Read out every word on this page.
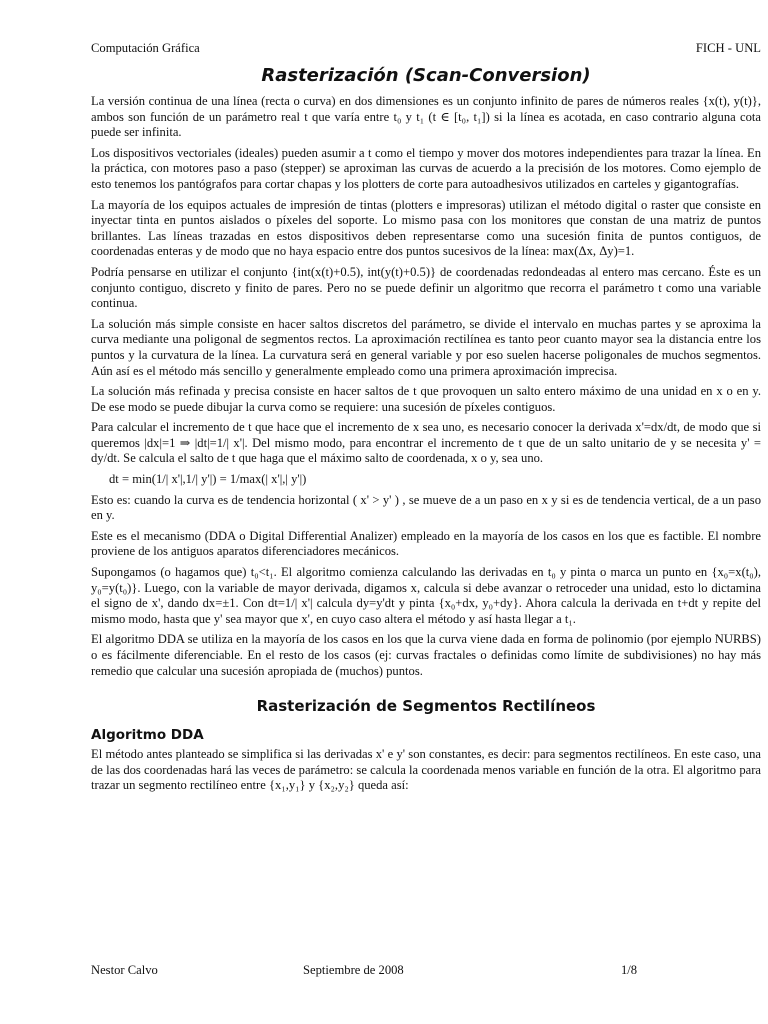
Computación Gráfica	FICH - UNL
Rasterización (Scan-Conversion)

La versión continua de una línea (recta o curva) en dos dimensiones es un conjunto infinito de pares de números reales {x(t), y(t)}, ambos son función de un parámetro real t que varía entre t₀ y t₁ (t ∈ [t₀, t₁]) si la línea es acotada, en caso contrario alguna cota puede ser infinita.

Los dispositivos vectoriales (ideales) pueden asumir a t como el tiempo y mover dos motores independientes para trazar la línea. En la práctica, con motores paso a paso (stepper) se aproximan las curvas de acuerdo a la precisión de los motores. Como ejemplo de esto tenemos los pantógrafos para cortar chapas y los plotters de corte para autoadhesivos utilizados en carteles y gigantografías.

La mayoría de los equipos actuales de impresión de tintas (plotters e impresoras) utilizan el método digital o raster que consiste en inyectar tinta en puntos aislados o píxeles del soporte. Lo mismo pasa con los monitores que constan de una matriz de puntos brillantes. Las líneas trazadas en estos dispositivos deben representarse como una sucesión finita de puntos contiguos, de coordenadas enteras y de modo que no haya espacio entre dos puntos sucesivos de la línea: max(Δx, Δy)=1.

Podría pensarse en utilizar el conjunto {int(x(t)+0.5), int(y(t)+0.5)} de coordenadas redondeadas al entero mas cercano. Éste es un conjunto contiguo, discreto y finito de pares. Pero no se puede definir un algoritmo que recorra el parámetro t como una variable continua.

La solución más simple consiste en hacer saltos discretos del parámetro, se divide el intervalo en muchas partes y se aproxima la curva mediante una poligonal de segmentos rectos. La aproximación rectilínea es tanto peor cuanto mayor sea la distancia entre los puntos y la curvatura de la línea. La curvatura será en general variable y por eso suelen hacerse poligonales de muchos segmentos. Aún así es el método más sencillo y generalmente empleado como una primera aproximación imprecisa.

La solución más refinada y precisa consiste en hacer saltos de t que provoquen un salto entero máximo de una unidad en x o en y. De ese modo se puede dibujar la curva como se requiere: una sucesión de píxeles contiguos.

Para calcular el incremento de t que hace que el incremento de x sea uno, es necesario conocer la derivada x'=dx/dt, de modo que si queremos |dx|=1 ⇒ |dt|=1/| x'|. Del mismo modo, para encontrar el incremento de t que de un salto unitario de y se necesita y' = dy/dt. Se calcula el salto de t que haga que el máximo salto de coordenada, x o y, sea uno.

dt = min(1/| x'|,1/| y'|) = 1/max(| x'|,| y'|)

Esto es: cuando la curva es de tendencia horizontal ( x' > y' ) , se mueve de a un paso en x y si es de tendencia vertical, de a un paso en y.

Este es el mecanismo (DDA o Digital Differential Analizer) empleado en la mayoría de los casos en los que es factible. El nombre proviene de los antiguos aparatos diferenciadores mecánicos.

Supongamos (o hagamos que) t₀<t₁. El algoritmo comienza calculando las derivadas en t₀ y pinta o marca un punto en {x₀=x(t₀), y₀=y(t₀)}. Luego, con la variable de mayor derivada, digamos x, calcula si debe avanzar o retroceder una unidad, esto lo dictamina el signo de x', dando dx=±1. Con dt=1/| x'| calcula dy=y'dt y pinta {x₀+dx, y₀+dy}. Ahora calcula la derivada en t+dt y repite del mismo modo, hasta que y' sea mayor que x', en cuyo caso altera el método y así hasta llegar a t₁.

El algoritmo DDA se utiliza en la mayoría de los casos en los que la curva viene dada en forma de polinomio (por ejemplo NURBS) o es fácilmente diferenciable. En el resto de los casos (ej: curvas fractales o definidas como límite de subdivisiones) no hay más remedio que calcular una sucesión apropiada de (muchos) puntos.

Rasterización de Segmentos Rectilíneos
Algoritmo DDA

El método antes planteado se simplifica si las derivadas x' e y' son constantes, es decir: para segmentos rectilíneos. En este caso, una de las dos coordenadas hará las veces de parámetro: se calcula la coordenada menos variable en función de la otra. El algoritmo para trazar un segmento rectilíneo entre {x₁,y₁} y {x₂,y₂} queda así:

Nestor Calvo	Septiembre de 2008	1/8
